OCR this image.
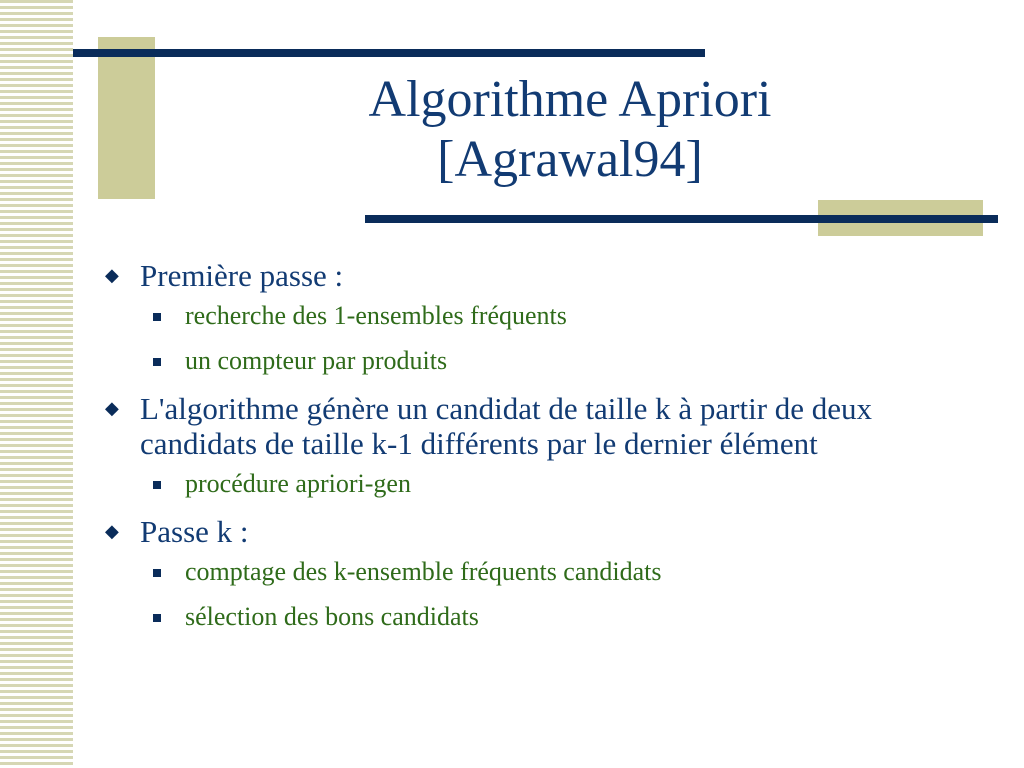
Algorithme Apriori
[Agrawal94]
◆ Première passe :
recherche des 1-ensembles fréquents
un compteur par produits
◆ L'algorithme génère un candidat de taille k à partir de deux candidats de taille k-1 différents par le dernier élément
procédure apriori-gen
◆ Passe k :
comptage des k-ensemble fréquents candidats
sélection des bons candidats
